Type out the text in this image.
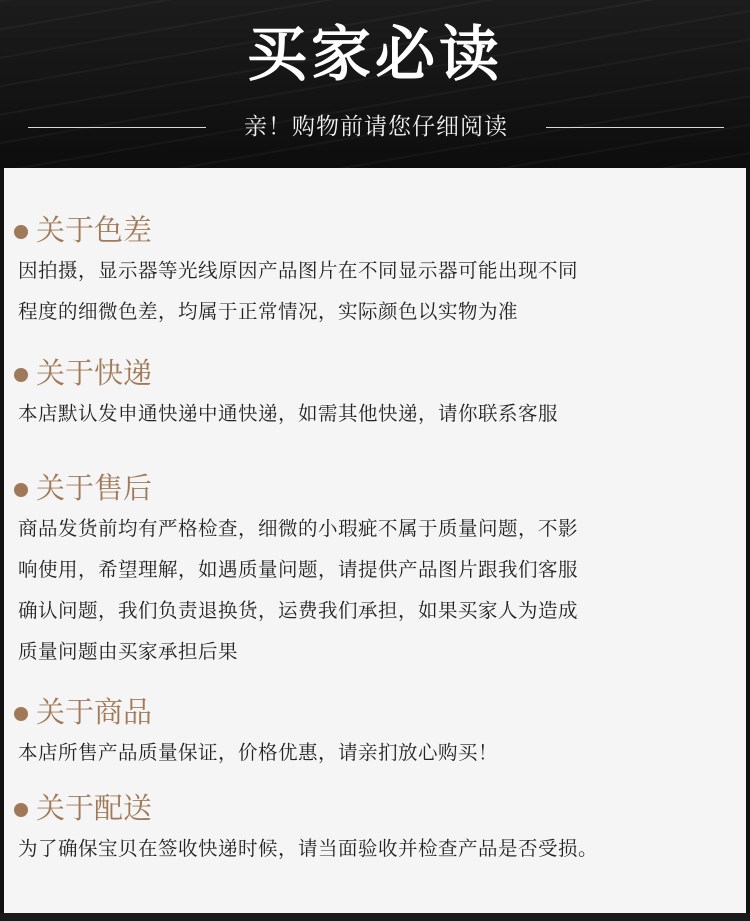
买家必读
亲！购物前请您仔细阅读
关于色差

因拍摄，显示器等光线原因产品图片在不同显示器可能出现不同
程度的细微色差，均属于正常情况，实际颜色以实物为准

关于快递

本店默认发申通快递中通快递，如需其他快递，请你联系客服

关于售后

商品发货前均有严格检查，细微的小瑕疵不属于质量问题，不影
响使用，希望理解，如遇质量问题，请提供产品图片跟我们客服
确认问题，我们负责退换货，运费我们承担，如果买家人为造成
质量问题由买家承担后果

关于商品

本店所售产品质量保证，价格优惠，请亲扪放心购买！

关于配送

为了确保宝贝在签收快递时候，请当面验收并检查产品是否受损。
